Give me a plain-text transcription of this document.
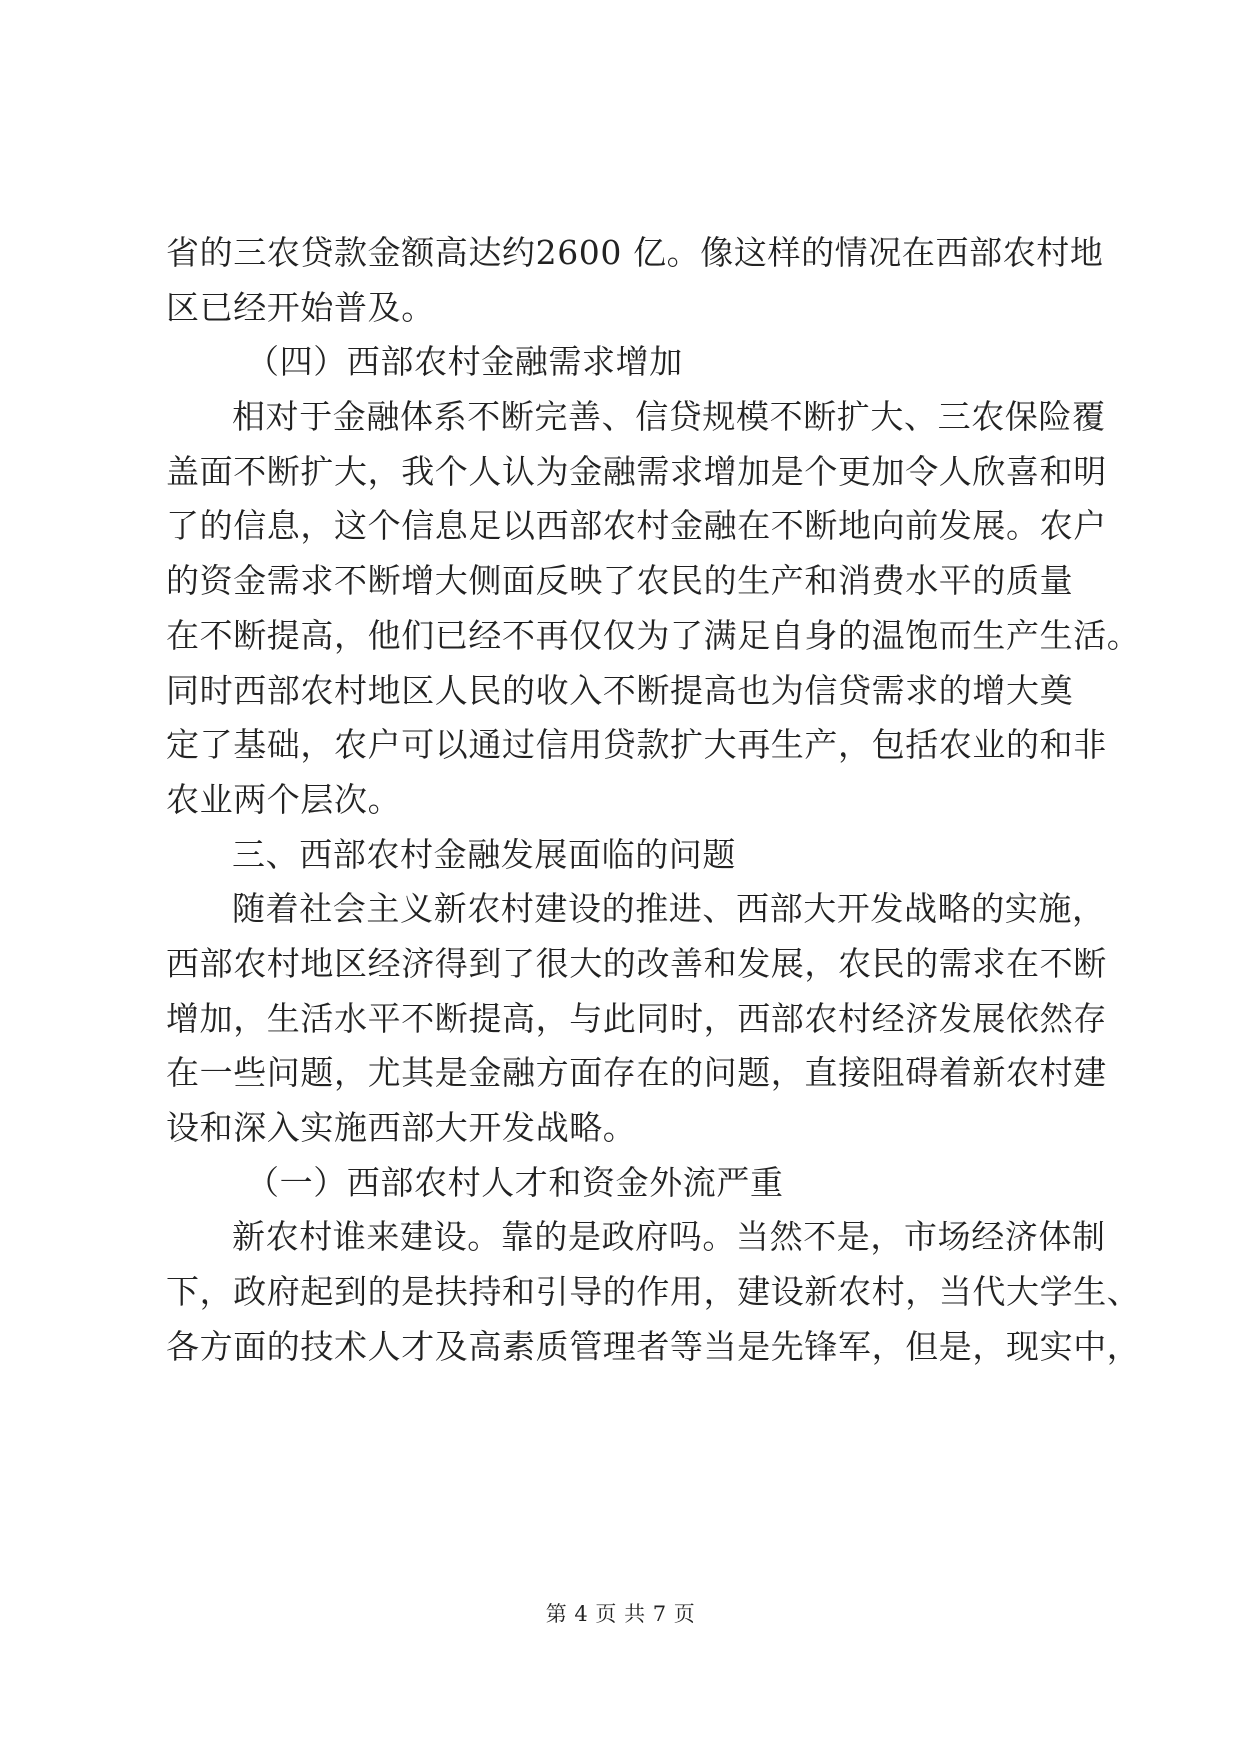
省的三农贷款金额高达约2600 亿。像这样的情况在西部农村地
区已经开始普及。
（四）西部农村金融需求增加
相对于金融体系不断完善、信贷规模不断扩大、三农保险覆
盖面不断扩大，我个人认为金融需求增加是个更加令人欣喜和明
了的信息，这个信息足以西部农村金融在不断地向前发展。农户
的资金需求不断增大侧面反映了农民的生产和消费水平的质量
在不断提高，他们已经不再仅仅为了满足自身的温饱而生产生活。
同时西部农村地区人民的收入不断提高也为信贷需求的增大奠
定了基础，农户可以通过信用贷款扩大再生产，包括农业的和非
农业两个层次。
三、西部农村金融发展面临的问题
随着社会主义新农村建设的推进、西部大开发战略的实施，
西部农村地区经济得到了很大的改善和发展，农民的需求在不断
增加，生活水平不断提高，与此同时，西部农村经济发展依然存
在一些问题，尤其是金融方面存在的问题，直接阻碍着新农村建
设和深入实施西部大开发战略。
（一）西部农村人才和资金外流严重
新农村谁来建设。靠的是政府吗。当然不是，市场经济体制
下，政府起到的是扶持和引导的作用，建设新农村，当代大学生、
各方面的技术人才及高素质管理者等当是先锋军，但是，现实中，
第 4 页 共 7 页
